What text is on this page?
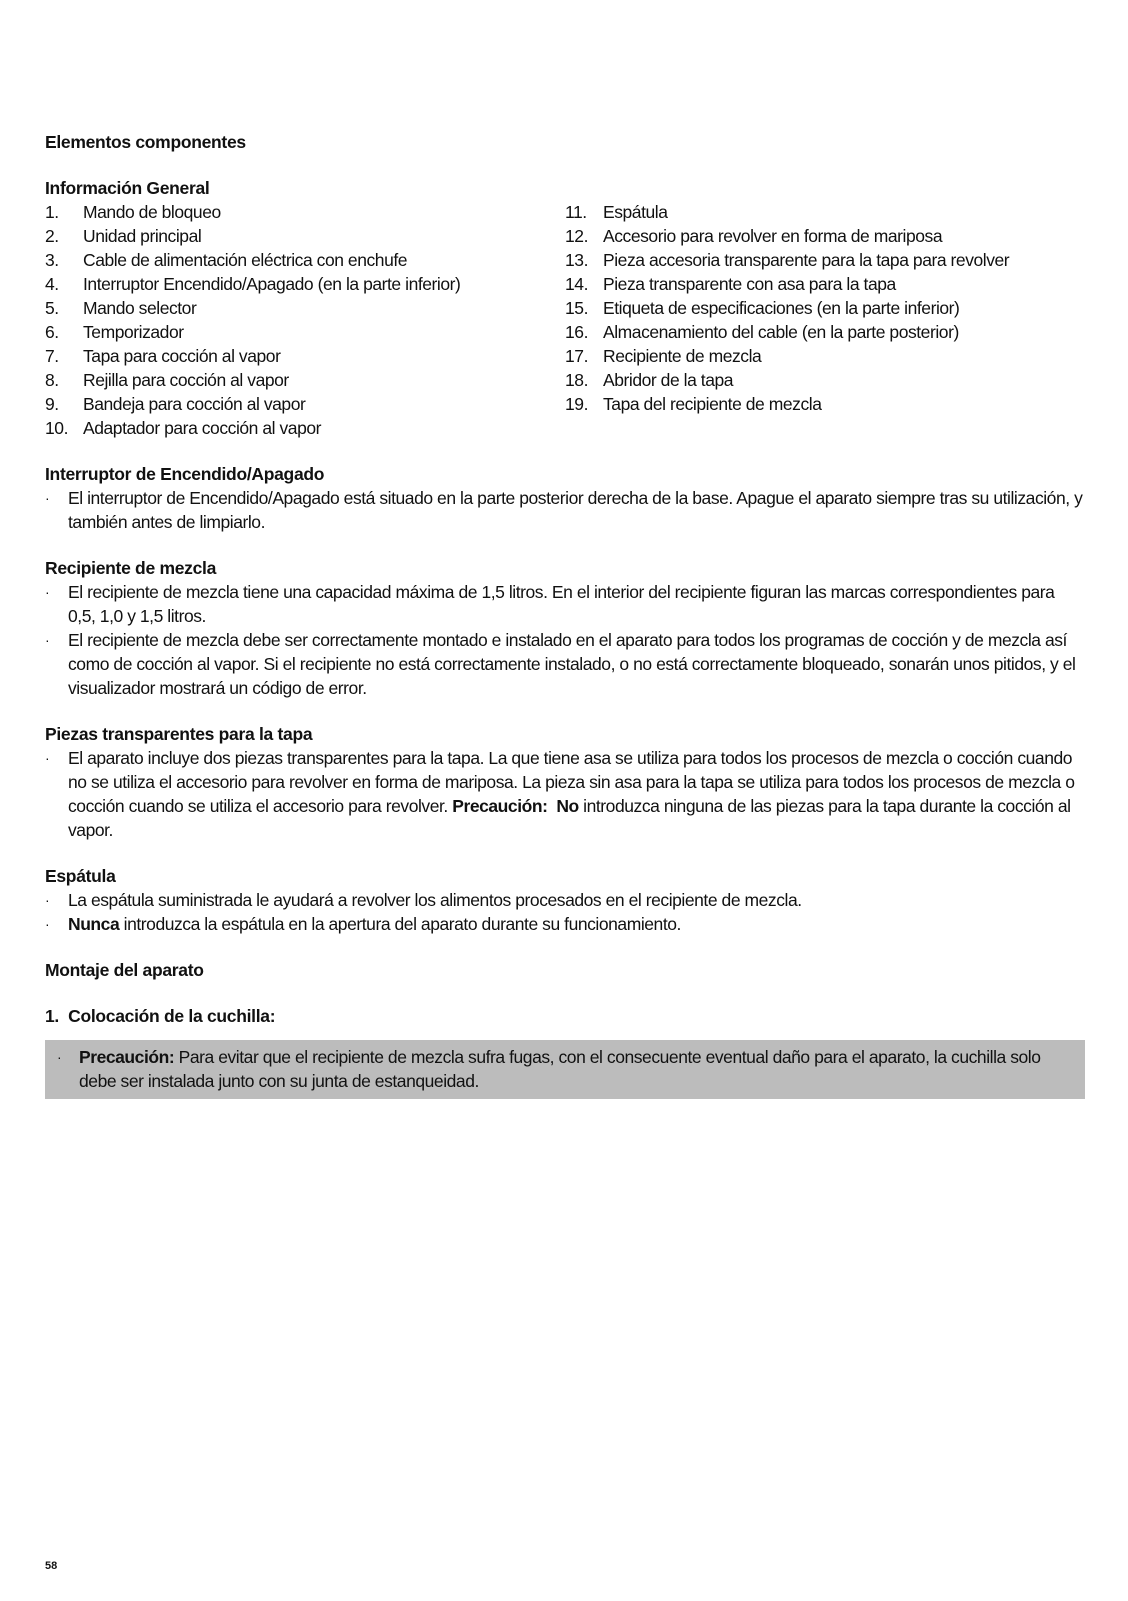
Elementos componentes
Información General
1.	Mando de bloqueo
2.	Unidad principal
3.	Cable de alimentación eléctrica con enchufe
4.	Interruptor Encendido/Apagado (en la parte inferior)
5.	Mando selector
6.	Temporizador
7.	Tapa para cocción al vapor
8.	Rejilla para cocción al vapor
9.	Bandeja para cocción al vapor
10. Adaptador para cocción al vapor
11. Espátula
12. Accesorio para revolver en forma de mariposa
13. Pieza accesoria transparente para la tapa para revolver
14. Pieza transparente con asa para la tapa
15. Etiqueta de especificaciones (en la parte inferior)
16. Almacenamiento del cable (en la parte posterior)
17. Recipiente de mezcla
18. Abridor de la tapa
19. Tapa del recipiente de mezcla
Interruptor de Encendido/Apagado
·	El interruptor de Encendido/Apagado está situado en la parte posterior derecha de la base. Apague el aparato siempre tras su utilización, y también antes de limpiarlo.
Recipiente de mezcla
·	El recipiente de mezcla tiene una capacidad máxima de 1,5 litros. En el interior del recipiente figuran las marcas correspondientes para 0,5, 1,0 y 1,5 litros.
·	El recipiente de mezcla debe ser correctamente montado e instalado en el aparato para todos los programas de cocción y de mezcla así como de cocción al vapor. Si el recipiente no está correctamente instalado, o no está correctamente bloqueado, sonarán unos pitidos, y el visualizador mostrará un código de error.
Piezas transparentes para la tapa
·	El aparato incluye dos piezas transparentes para la tapa. La que tiene asa se utiliza para todos los procesos de mezcla o cocción cuando no se utiliza el accesorio para revolver en forma de mariposa. La pieza sin asa para la tapa se utiliza para todos los procesos de mezcla o cocción cuando se utiliza el accesorio para revolver. Precaución: No introduzca ninguna de las piezas para la tapa durante la cocción al vapor.
Espátula
·	La espátula suministrada le ayudará a revolver los alimentos procesados en el recipiente de mezcla.
·	Nunca introduzca la espátula en la apertura del aparato durante su funcionamiento.
Montaje del aparato
1.  Colocación de la cuchilla:
·	Precaución: Para evitar que el recipiente de mezcla sufra fugas, con el consecuente eventual daño para el aparato, la cuchilla solo debe ser instalada junto con su junta de estanqueidad.
58
